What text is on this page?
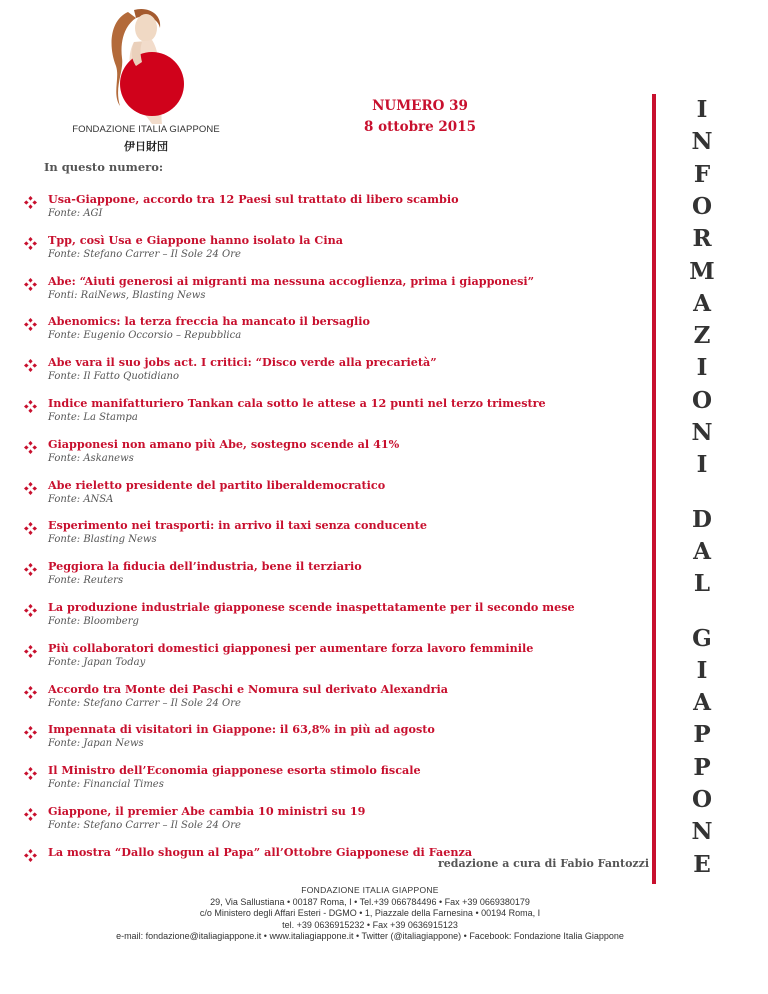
FONDAZIONE ITALIA GIAPPONE
伊日財団
NUMERO 39
8 ottobre 2015
In questo numero:
Usa-Giappone, accordo tra 12 Paesi sul trattato di libero scambio
Fonte: AGI
Tpp, così Usa e Giappone hanno isolato la Cina
Fonte: Stefano Carrer – Il Sole 24 Ore
Abe: “Aiuti generosi ai migranti ma nessuna accoglienza, prima i giapponesi”
Fonti: RaiNews, Blasting News
Abenomics: la terza freccia ha mancato il bersaglio
Fonte: Eugenio Occorsio – Repubblica
Abe vara il suo jobs act. I critici: “Disco verde alla precarietà”
Fonte: Il Fatto Quotidiano
Indice manifatturiero Tankan cala sotto le attese a 12 punti nel terzo trimestre
Fonte: La Stampa
Giapponesi non amano più Abe, sostegno scende al 41%
Fonte: Askanews
Abe rieletto presidente del partito liberaldemocratico
Fonte: ANSA
Esperimento nei trasporti: in arrivo il taxi senza conducente
Fonte: Blasting News
Peggiora la fiducia dell’industria, bene il terziario
Fonte: Reuters
La produzione industriale giapponese scende inaspettatamente per il secondo mese
Fonte: Bloomberg
Più collaboratori domestici giapponesi per aumentare forza lavoro femminile
Fonte: Japan Today
Accordo tra Monte dei Paschi e Nomura sul derivato Alexandria
Fonte: Stefano Carrer – Il Sole 24 Ore
Impennata di visitatori in Giappone: il 63,8% in più ad agosto
Fonte: Japan News
Il Ministro dell’Economia giapponese esorta stimolo fiscale
Fonte: Financial Times
Giappone, il premier Abe cambia 10 ministri su 19
Fonte: Stefano Carrer – Il Sole 24 Ore
La mostra “Dallo shogun al Papa” all’Ottobre Giapponese di Faenza
redazione a cura di Fabio Fantozzi
I
N
F
O
R
M
A
Z
I
O
N
I
D
A
L
G
I
A
P
P
O
N
E
FONDAZIONE ITALIA GIAPPONE
29, Via Sallustiana • 00187 Roma, I • Tel.+39 066784496 • Fax +39 0669380179
c/o Ministero degli Affari Esteri - DGMO • 1, Piazzale della Farnesina • 00194 Roma, I
tel. +39 0636915232 • Fax +39 0636915123
e-mail: fondazione@italiagiappone.it • www.italiagiappone.it • Twitter (@italiagiappone) • Facebook: Fondazione Italia Giappone
